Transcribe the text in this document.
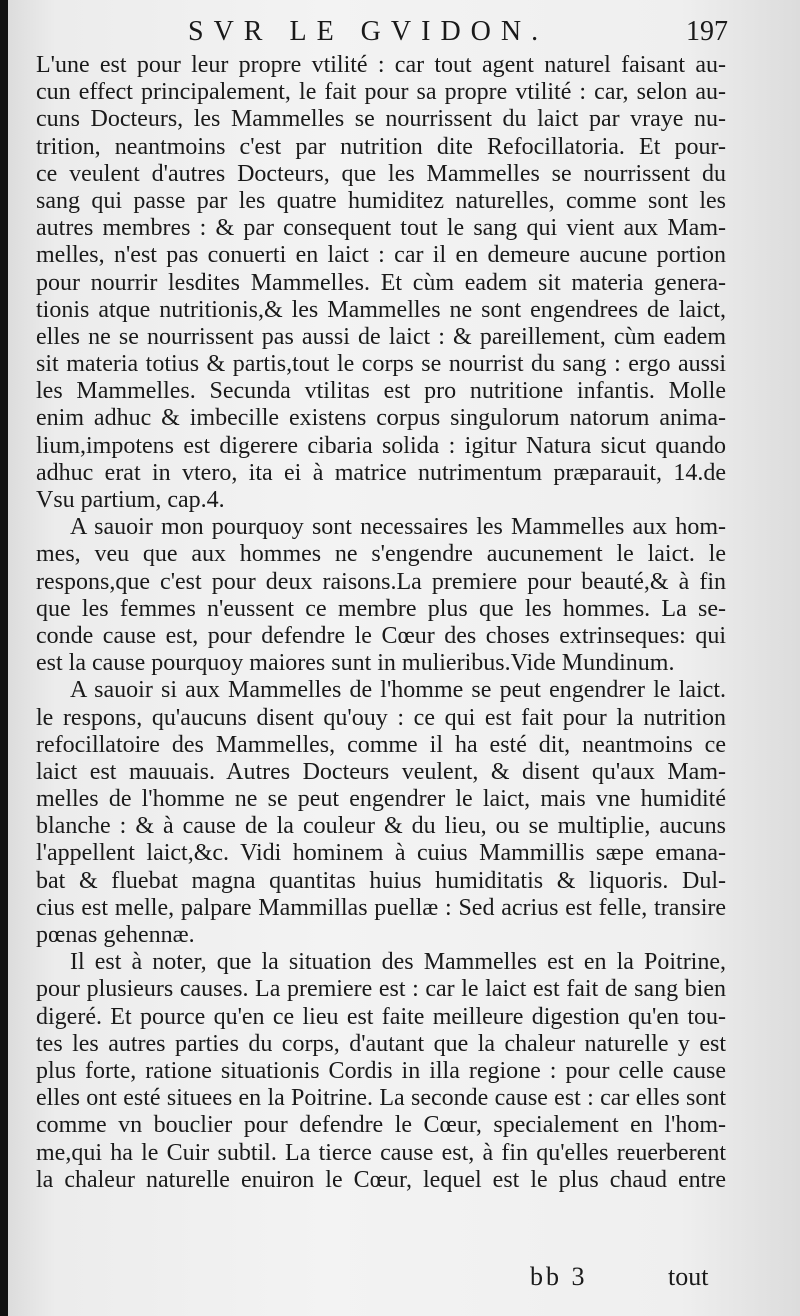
SVR LE GVIDON.	197
L'une est pour leur propre vtilité : car tout agent naturel faisant au-
cun effect principalement, le fait pour sa propre vtilité : car, selon au-
cuns Docteurs, les Mammelles se nourrissent du laict par vraye nu-
trition, neantmoins c'est par nutrition dite Refocillatoria. Et pour-
ce veulent d'autres Docteurs, que les Mammelles se nourrissent du
sang qui passe par les quatre humiditez naturelles, comme sont les
autres membres : & par consequent tout le sang qui vient aux Mam-
melles, n'est pas conuerti en laict : car il en demeure aucune portion
pour nourrir lesdites Mammelles. Et cùm eadem sit materia genera-
tionis atque nutritionis,& les Mammelles ne sont engendrees de laict,
elles ne se nourrissent pas aussi de laict : & pareillement, cùm eadem
sit materia totius & partis,tout le corps se nourrist du sang : ergo aussi
les Mammelles. Secunda vtilitas est pro nutritione infantis. Molle
enim adhuc & imbecille existens corpus singulorum natorum anima-
lium,impotens est digerere cibaria solida : igitur Natura sicut quando
adhuc erat in vtero, ita ei à matrice nutrimentum præparauit, 14.de
Vsu partium, cap.4.
A sauoir mon pourquoy sont necessaires les Mammelles aux hom-
mes, veu que aux hommes ne s'engendre aucunement le laict. le
respons,que c'est pour deux raisons.La premiere pour beauté,& à fin
que les femmes n'eussent ce membre plus que les hommes. La se-
conde cause est, pour defendre le Cœur des choses extrinseques: qui
est la cause pourquoy maiores sunt in mulieribus.Vide Mundinum.
A sauoir si aux Mammelles de l'homme se peut engendrer le laict.
le respons, qu'aucuns disent qu'ouy : ce qui est fait pour la nutrition
refocillatoire des Mammelles, comme il ha esté dit, neantmoins ce
laict est mauuais. Autres Docteurs veulent, & disent qu'aux Mam-
melles de l'homme ne se peut engendrer le laict, mais vne humidité
blanche : & à cause de la couleur & du lieu, ou se multiplie, aucuns
l'appellent laict,&c. Vidi hominem à cuius Mammillis sæpe emana-
bat & fluebat magna quantitas huius humiditatis & liquoris. Dul-
cius est melle, palpare Mammillas puellæ : Sed acrius est felle, transire
pœnas gehennæ.
Il est à noter, que la situation des Mammelles est en la Poitrine,
pour plusieurs causes. La premiere est : car le laict est fait de sang bien
digeré. Et pource qu'en ce lieu est faite meilleure digestion qu'en tou-
tes les autres parties du corps, d'autant que la chaleur naturelle y est
plus forte, ratione situationis Cordis in illa regione : pour celle cause
elles ont esté situees en la Poitrine. La seconde cause est : car elles sont
comme vn bouclier pour defendre le Cœur, specialement en l'hom-
me,qui ha le Cuir subtil. La tierce cause est, à fin qu'elles reuerberent
la chaleur naturelle enuiron le Cœur, lequel est le plus chaud entre
bb 3	tout
